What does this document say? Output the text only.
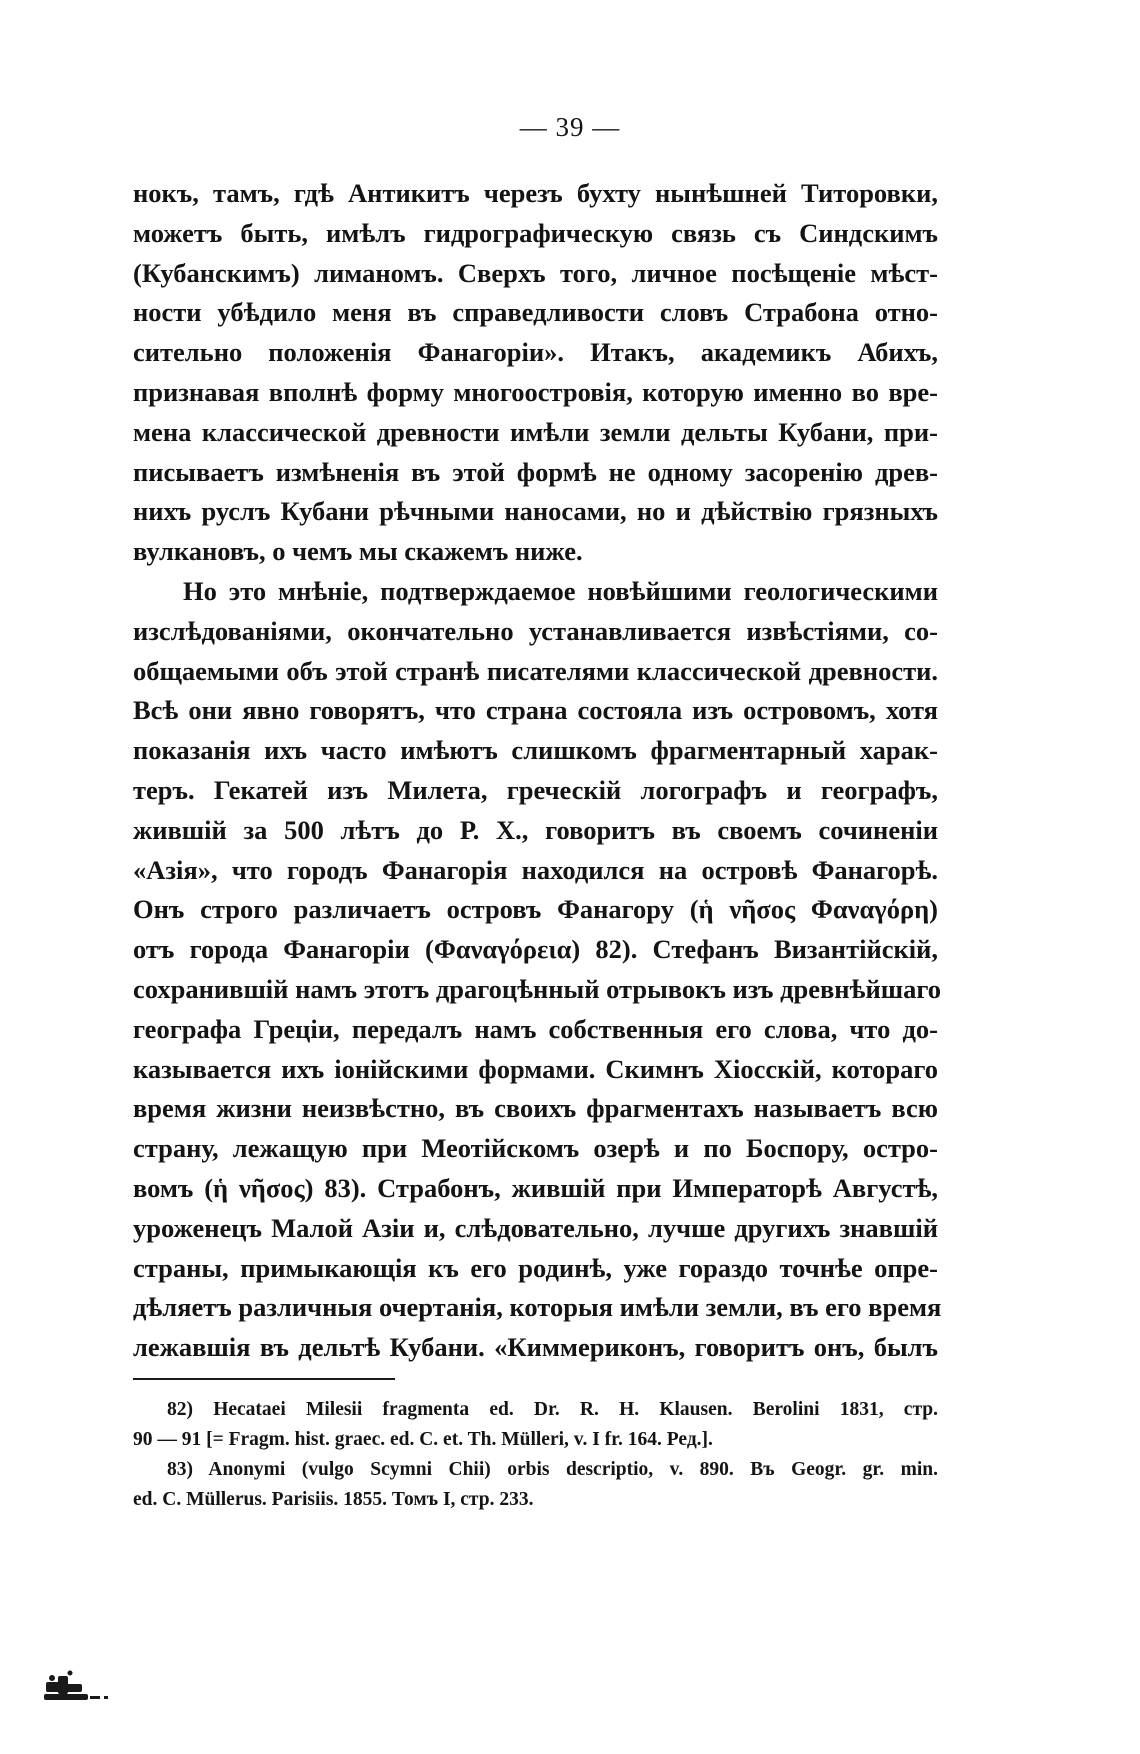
— 39 —
нокъ, тамъ, гдѣ Антикитъ черезъ бухту нынѣшней Титоровки,
можетъ быть, имѣлъ гидрографическую связь съ Синдскимъ
(Кубанскимъ) лиманомъ. Сверхъ того, личное посѣщеніе мѣст-
ности убѣдило меня въ справедливости словъ Страбона отно-
сительно положенія Фанагоріи». Итакъ, академикъ Абихъ,
признавая вполнѣ форму многоостровія, которую именно во вре-
мена классической древности имѣли земли дельты Кубани, при-
писываетъ измѣненія въ этой формѣ не одному засоренію древ-
нихъ руслъ Кубани рѣчными наносами, но и дѣйствію грязныхъ
вулкановъ, о чемъ мы скажемъ ниже.
Но это мнѣніе, подтверждаемое новѣйшими геологическими
изслѣдованіями, окончательно устанавливается извѣстіями, со-
общаемыми объ этой странѣ писателями классической древности.
Всѣ они явно говорятъ, что страна состояла изъ островомъ, хотя
показанія ихъ часто имѣютъ слишкомъ фрагментарный харак-
теръ. Гекатей изъ Милета, греческій логографъ и географъ,
жившій за 500 лѣтъ до Р. Х., говоритъ въ своемъ сочиненіи
«Азія», что городъ Фанагорія находился на островѣ Фанагорѣ.
Онъ строго различаетъ островъ Фанагору (ἡ νῆσος Φαναγόρη)
отъ города Фанагоріи (Φαναγόρεια) 82). Стефанъ Византійскій,
сохранившій намъ этотъ драгоцѣнный отрывокъ изъ древнѣйшаго
географа Греціи, передалъ намъ собственныя его слова, что до-
казывается ихъ іонійскими формами. Скимнъ Хіосскій, котораго
время жизни неизвѣстно, въ своихъ фрагментахъ называетъ всю
страну, лежащую при Меотійскомъ озерѣ и по Боспору, остро-
вомъ (ἡ νῆσος) 83). Страбонъ, жившій при Императорѣ Августѣ,
уроженецъ Малой Азіи и, слѣдовательно, лучше другихъ знавшій
страны, примыкающія къ его родинѣ, уже гораздо точнѣе опре-
дѣляетъ различныя очертанія, которыя имѣли земли, въ его время
лежавшія въ дельтѣ Кубани. «Киммериконъ, говоритъ онъ, былъ
82) Hecataei Milesii fragmenta ed. Dr. R. H. Klausen. Berolini 1831, стр.
90 — 91 [= Fragm. hist. graec. ed. C. et. Th. Mülleri, v. I fr. 164. Ред.].
83) Anonymi (vulgo Scymni Chii) orbis descriptio, v. 890. Въ Geogr. gr. min.
ed. C. Müllerus. Parisiis. 1855. Томъ I, стр. 233.
